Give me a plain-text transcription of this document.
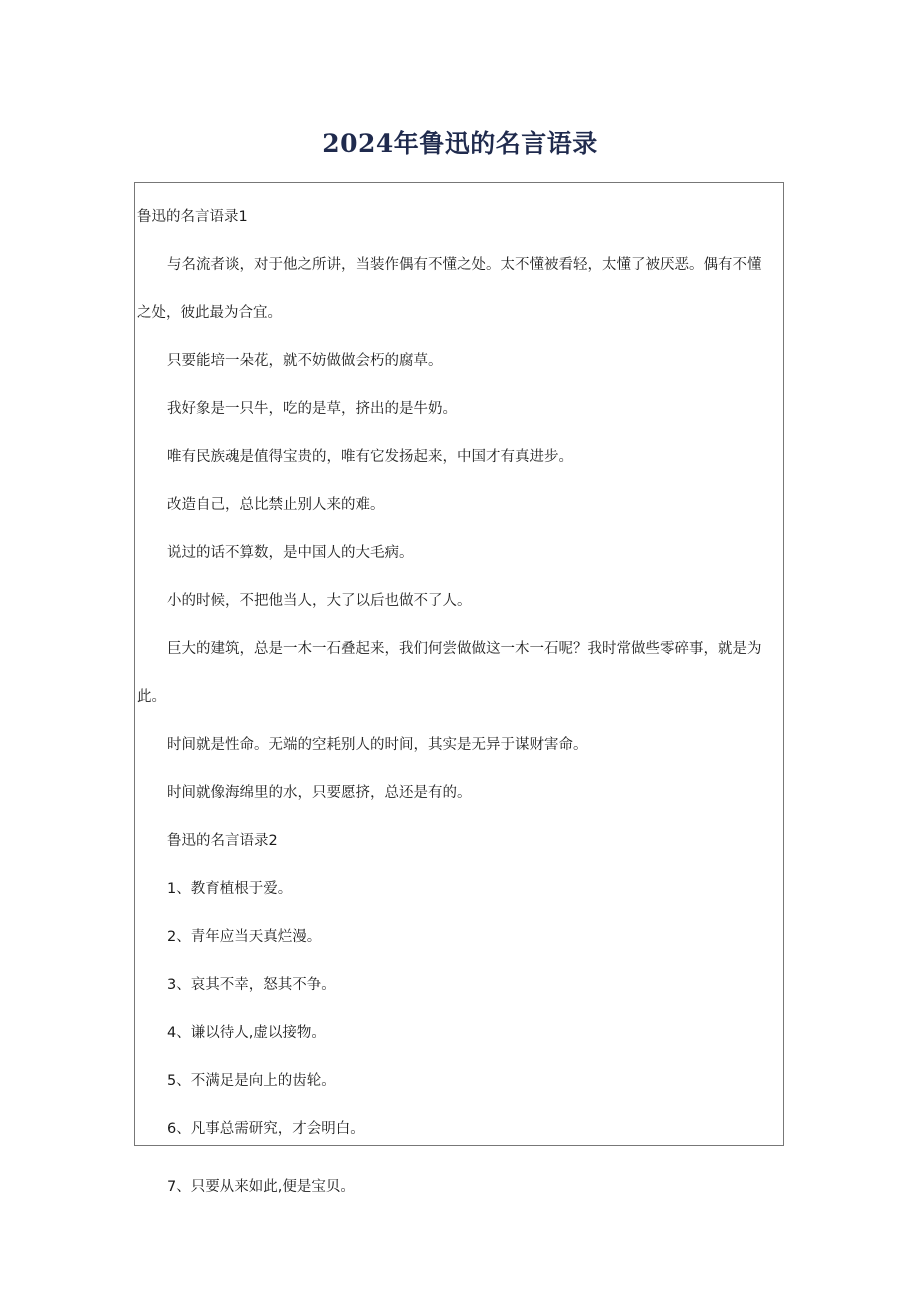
2024年鲁迅的名言语录

鲁迅的名言语录1

与名流者谈，对于他之所讲，当装作偶有不懂之处。太不懂被看轻，太懂了被厌恶。偶有不懂

之处，彼此最为合宜。

只要能培一朵花，就不妨做做会朽的腐草。

我好象是一只牛，吃的是草，挤出的是牛奶。

唯有民族魂是值得宝贵的，唯有它发扬起来，中国才有真进步。

改造自己，总比禁止别人来的难。

说过的话不算数，是中国人的大毛病。

小的时候，不把他当人，大了以后也做不了人。

巨大的建筑，总是一木一石叠起来，我们何尝做做这一木一石呢？我时常做些零碎事，就是为

此。

时间就是性命。无端的空耗别人的时间，其实是无异于谋财害命。

时间就像海绵里的水，只要愿挤，总还是有的。

鲁迅的名言语录2

1、教育植根于爱。

2、青年应当天真烂漫。

3、哀其不幸，怒其不争。

4、谦以待人,虚以接物。

5、不满足是向上的齿轮。

6、凡事总需研究，才会明白。

7、只要从来如此,便是宝贝。
